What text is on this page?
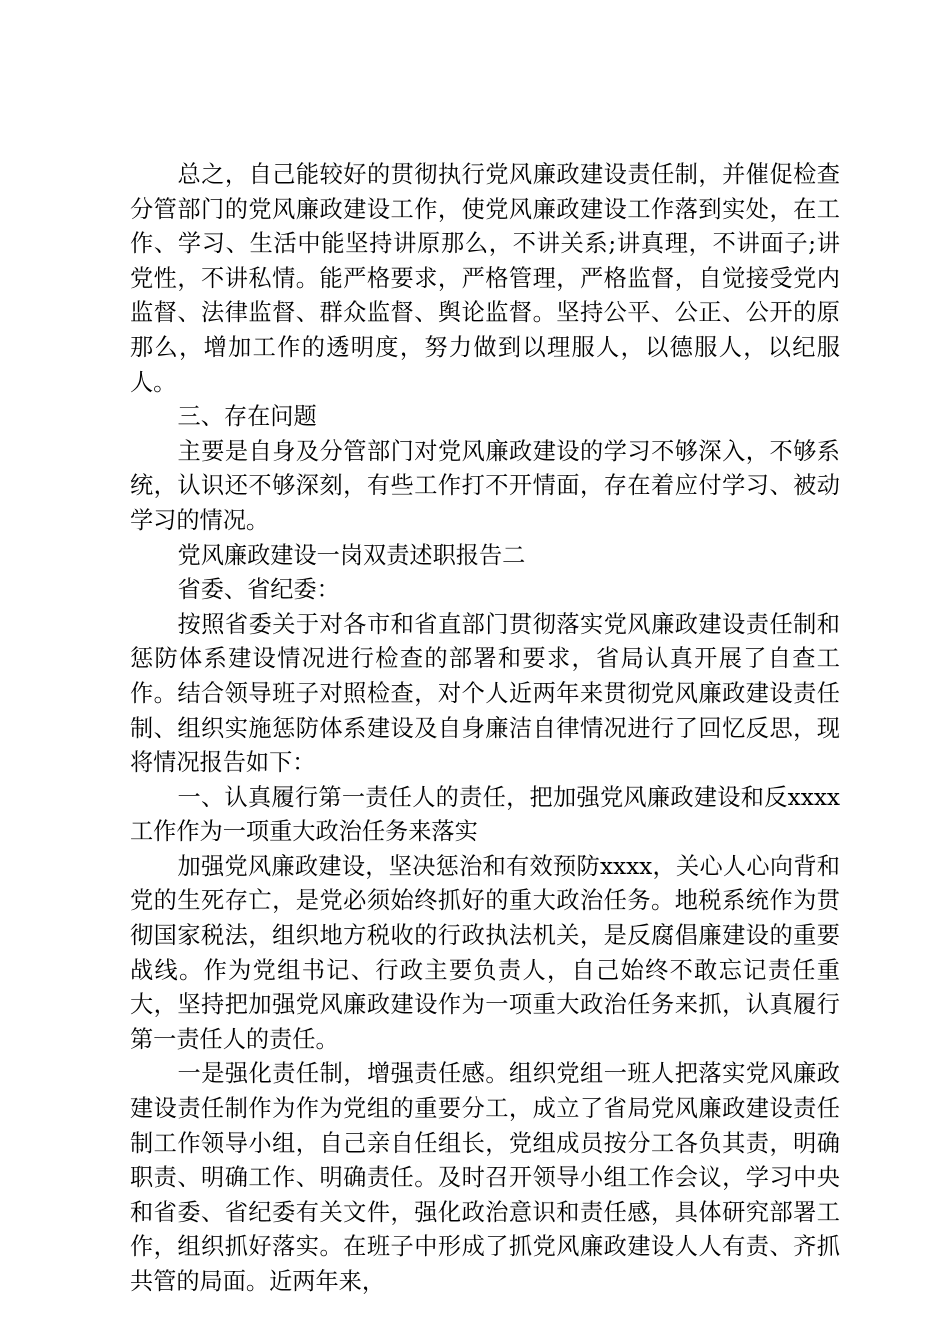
总之，自己能较好的贯彻执行党风廉政建设责任制，并催促检查分管部门的党风廉政建设工作，使党风廉政建设工作落到实处，在工作、学习、生活中能坚持讲原那么，不讲关系;讲真理，不讲面子;讲党性，不讲私情。能严格要求，严格管理，严格监督，自觉接受党内监督、法律监督、群众监督、舆论监督。坚持公平、公正、公开的原那么，增加工作的透明度，努力做到以理服人，以德服人，以纪服人。

三、存在问题

主要是自身及分管部门对党风廉政建设的学习不够深入，不够系统，认识还不够深刻，有些工作打不开情面，存在着应付学习、被动学习的情况。

党风廉政建设一岗双责述职报告二

省委、省纪委：

按照省委关于对各市和省直部门贯彻落实党风廉政建设责任制和惩防体系建设情况进行检查的部署和要求，省局认真开展了自查工作。结合领导班子对照检查，对个人近两年来贯彻党风廉政建设责任制、组织实施惩防体系建设及自身廉洁自律情况进行了回忆反思，现将情况报告如下：

一、认真履行第一责任人的责任，把加强党风廉政建设和反xxxx工作作为一项重大政治任务来落实

加强党风廉政建设，坚决惩治和有效预防xxxx，关心人心向背和党的生死存亡，是党必须始终抓好的重大政治任务。地税系统作为贯彻国家税法，组织地方税收的行政执法机关，是反腐倡廉建设的重要战线。作为党组书记、行政主要负责人，自己始终不敢忘记责任重大，坚持把加强党风廉政建设作为一项重大政治任务来抓，认真履行第一责任人的责任。

一是强化责任制，增强责任感。组织党组一班人把落实党风廉政建设责任制作为作为党组的重要分工，成立了省局党风廉政建设责任制工作领导小组，自己亲自任组长，党组成员按分工各负其责，明确职责、明确工作、明确责任。及时召开领导小组工作会议，学习中央和省委、省纪委有关文件，强化政治意识和责任感，具体研究部署工作，组织抓好落实。在班子中形成了抓党风廉政建设人人有责、齐抓共管的局面。近两年来，
